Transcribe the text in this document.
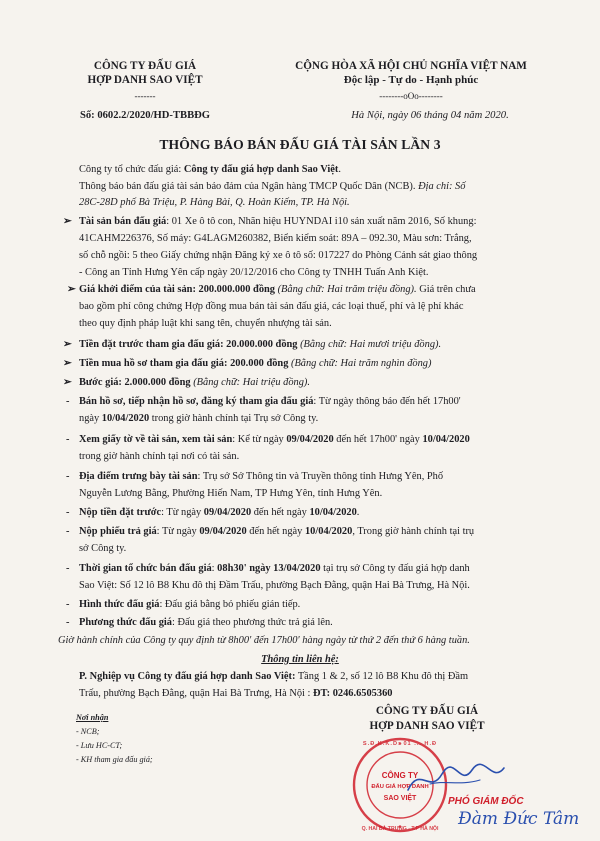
CÔNG TY ĐẤU GIÁ
HỢP DANH SAO VIỆT
-------
Số: 0602.2/2020/HD-TBBĐG
CỘNG HÒA XÃ HỘI CHỦ NGHĨA VIỆT NAM
Độc lập - Tự do - Hạnh phúc
--------oOo--------
Hà Nội, ngày 06 tháng 04 năm 2020.
THÔNG BÁO BÁN ĐẤU GIÁ TÀI SẢN LẦN 3
Công ty tổ chức đấu giá: Công ty đấu giá hợp danh Sao Việt.
Thông báo bán đấu giá tài sản bảo đảm của Ngân hàng TMCP Quốc Dân (NCB). Địa chỉ: Số
28C-28D phố Bà Triệu, P. Hàng Bài, Q. Hoàn Kiếm, TP. Hà Nội.
➢ Tài sản bán đấu giá: 01 Xe ô tô con, Nhãn hiệu HUYNDAI i10 sản xuất năm 2016, Số khung:
41CAHM226376, Số máy: G4LAGM260382, Biển kiểm soát: 89A – 092.30, Màu sơn: Trắng,
số chỗ ngồi: 5 theo Giấy chứng nhận Đăng ký xe ô tô số: 017227 do Phòng Cảnh sát giao thông
- Công an Tỉnh Hưng Yên cấp ngày 20/12/2016 cho Công ty TNHH Tuấn Anh Kiệt.
➢ Giá khởi điểm của tài sản: 200.000.000 đồng (Bằng chữ: Hai trăm triệu đồng). Giá trên chưa
bao gồm phí công chứng Hợp đồng mua bán tài sản đấu giá, các loại thuế, phí và lệ phí khác
theo quy định pháp luật khi sang tên, chuyển nhượng tài sản.
➢ Tiền đặt trước tham gia đấu giá: 20.000.000 đồng (Bằng chữ: Hai mươi triệu đồng).
➢ Tiền mua hồ sơ tham gia đấu giá: 200.000 đồng (Bằng chữ: Hai trăm nghìn đồng)
➢ Bước giá: 2.000.000 đồng (Bằng chữ: Hai triệu đồng).
- Bán hồ sơ, tiếp nhận hồ sơ, đăng ký tham gia đấu giá: Từ ngày thông báo đến hết 17h00'
ngày 10/04/2020 trong giờ hành chính tại Trụ sở Công ty.
- Xem giấy tờ về tài sản, xem tài sản: Kể từ ngày 09/04/2020 đến hết 17h00' ngày 10/04/2020
trong giờ hành chính tại nơi có tài sản.
- Địa điểm trưng bày tài sản: Trụ sở Sở Thông tin và Truyền thông tỉnh Hưng Yên, Phố
Nguyễn Lương Bằng, Phường Hiến Nam, TP Hưng Yên, tỉnh Hưng Yên.
- Nộp tiền đặt trước: Từ ngày 09/04/2020 đến hết ngày 10/04/2020.
- Nộp phiếu trả giá: Từ ngày 09/04/2020 đến hết ngày 10/04/2020, Trong giờ hành chính tại trụ
sở Công ty.
- Thời gian tổ chức bán đấu giá: 08h30' ngày 13/04/2020 tại trụ sở Công ty đấu giá hợp danh
Sao Việt: Số 12 lô B8 Khu đô thị Đầm Trấu, phường Bạch Đằng, quận Hai Bà Trưng, Hà Nội.
- Hình thức đấu giá: Đấu giá bằng bỏ phiếu gián tiếp.
- Phương thức đấu giá: Đấu giá theo phương thức trả giá lên.
Giờ hành chính của Công ty quy định từ 8h00' đến 17h00' hàng ngày từ thứ 2 đến thứ 6 hàng tuần.
Thông tin liên hệ:
P. Nghiệp vụ Công ty đấu giá hợp danh Sao Việt: Tầng 1 & 2, số 12 lô B8 Khu đô thị Đầm
Trấu, phường Bạch Đằng, quận Hai Bà Trưng, Hà Nội : ĐT: 0246.6505360
Nơi nhận
- NCB;
- Lưu HC-CT;
- KH tham gia đấu giá;
CÔNG TY ĐẤU GIÁ
HỢP DANH SAO VIỆT
S.Đ.K.K.D: 01 ... H.Đ
Q. HAI BÀ TRƯNG - T.P HÀ NỘI
CÔNG TY
ĐẤU GIÁ HỢP DANH
SAO VIỆT	PHÓ GIÁM ĐỐC
Đàm Đức Tâm
